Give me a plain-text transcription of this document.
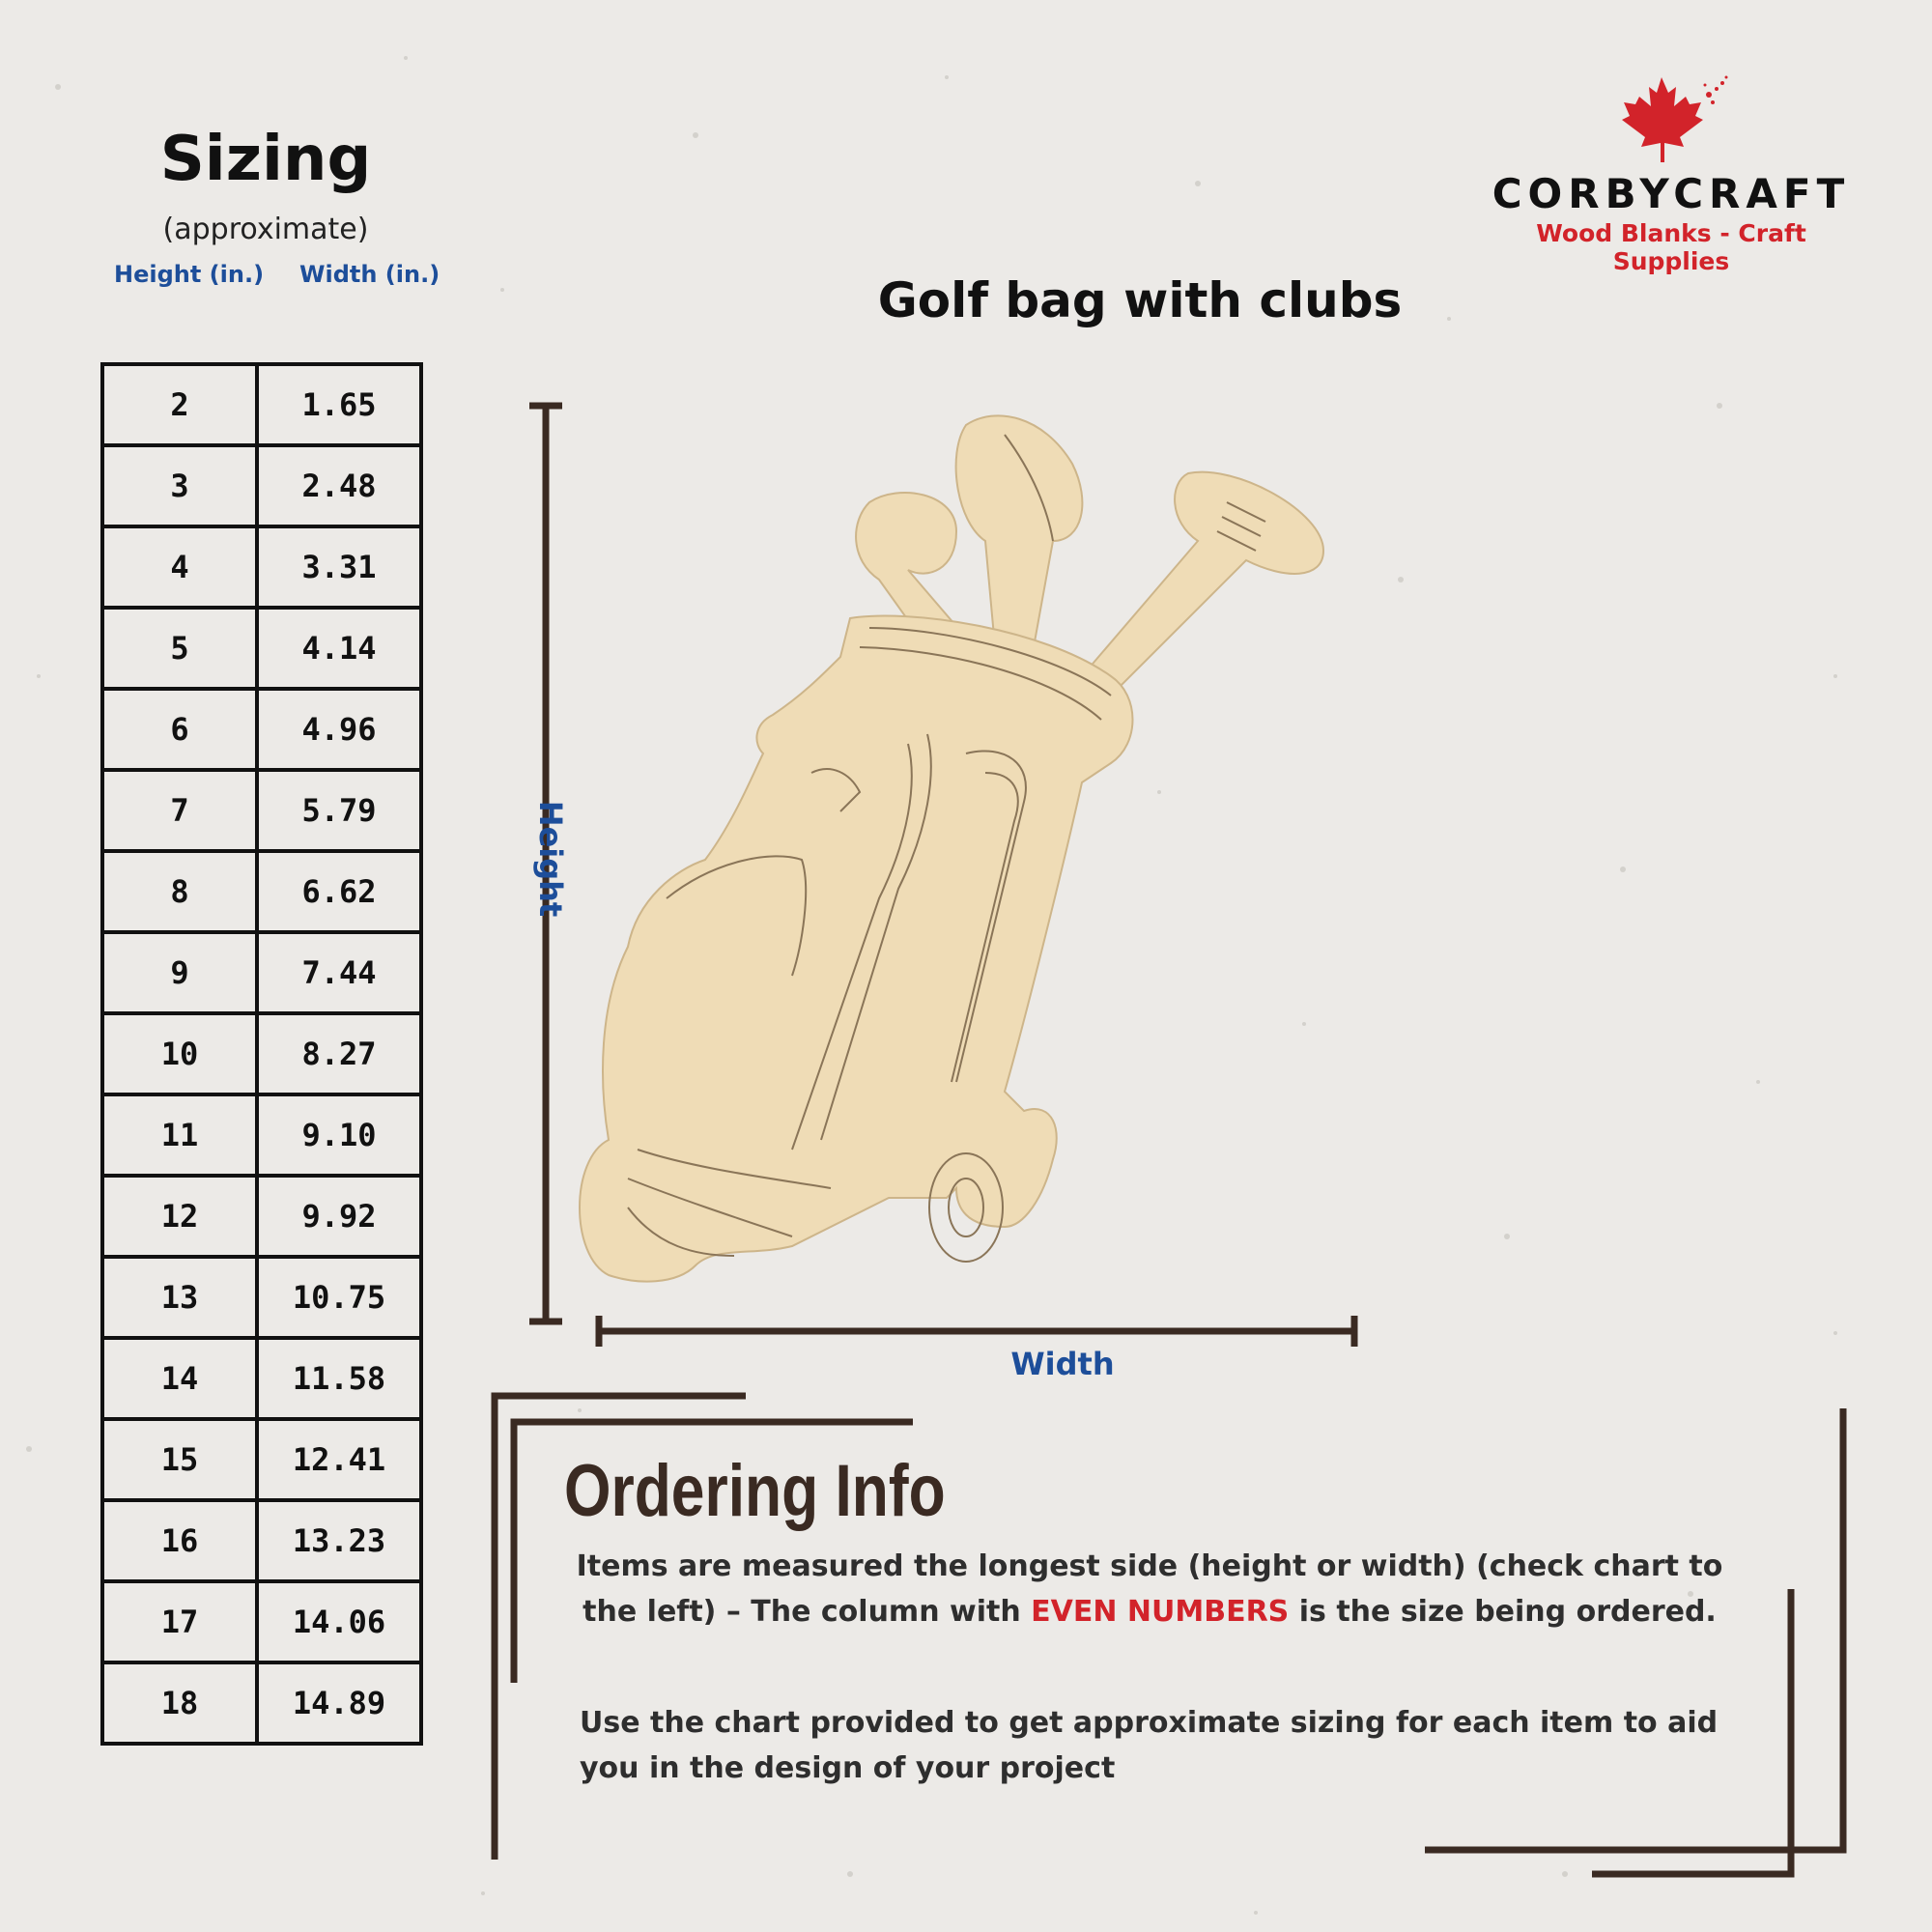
Sizing
(approximate)
Height (in.) Width (in.)
2	1.65
3	2.48
4	3.31
5	4.14
6	4.96
7	5.79
8	6.62
9	7.44
10	8.27
11	9.10
12	9.92
13	10.75
14	11.58
15	12.41
16	13.23
17	14.06
18	14.89
CORBYCRAFT
Wood Blanks - Craft Supplies
Golf bag with clubs
Height
Width
Ordering Info
Items are measured the longest side (height or width) (check chart to the left) – The column with EVEN NUMBERS is the size being ordered.
Use the chart provided to get approximate sizing for each item to aid you in the design of your project
